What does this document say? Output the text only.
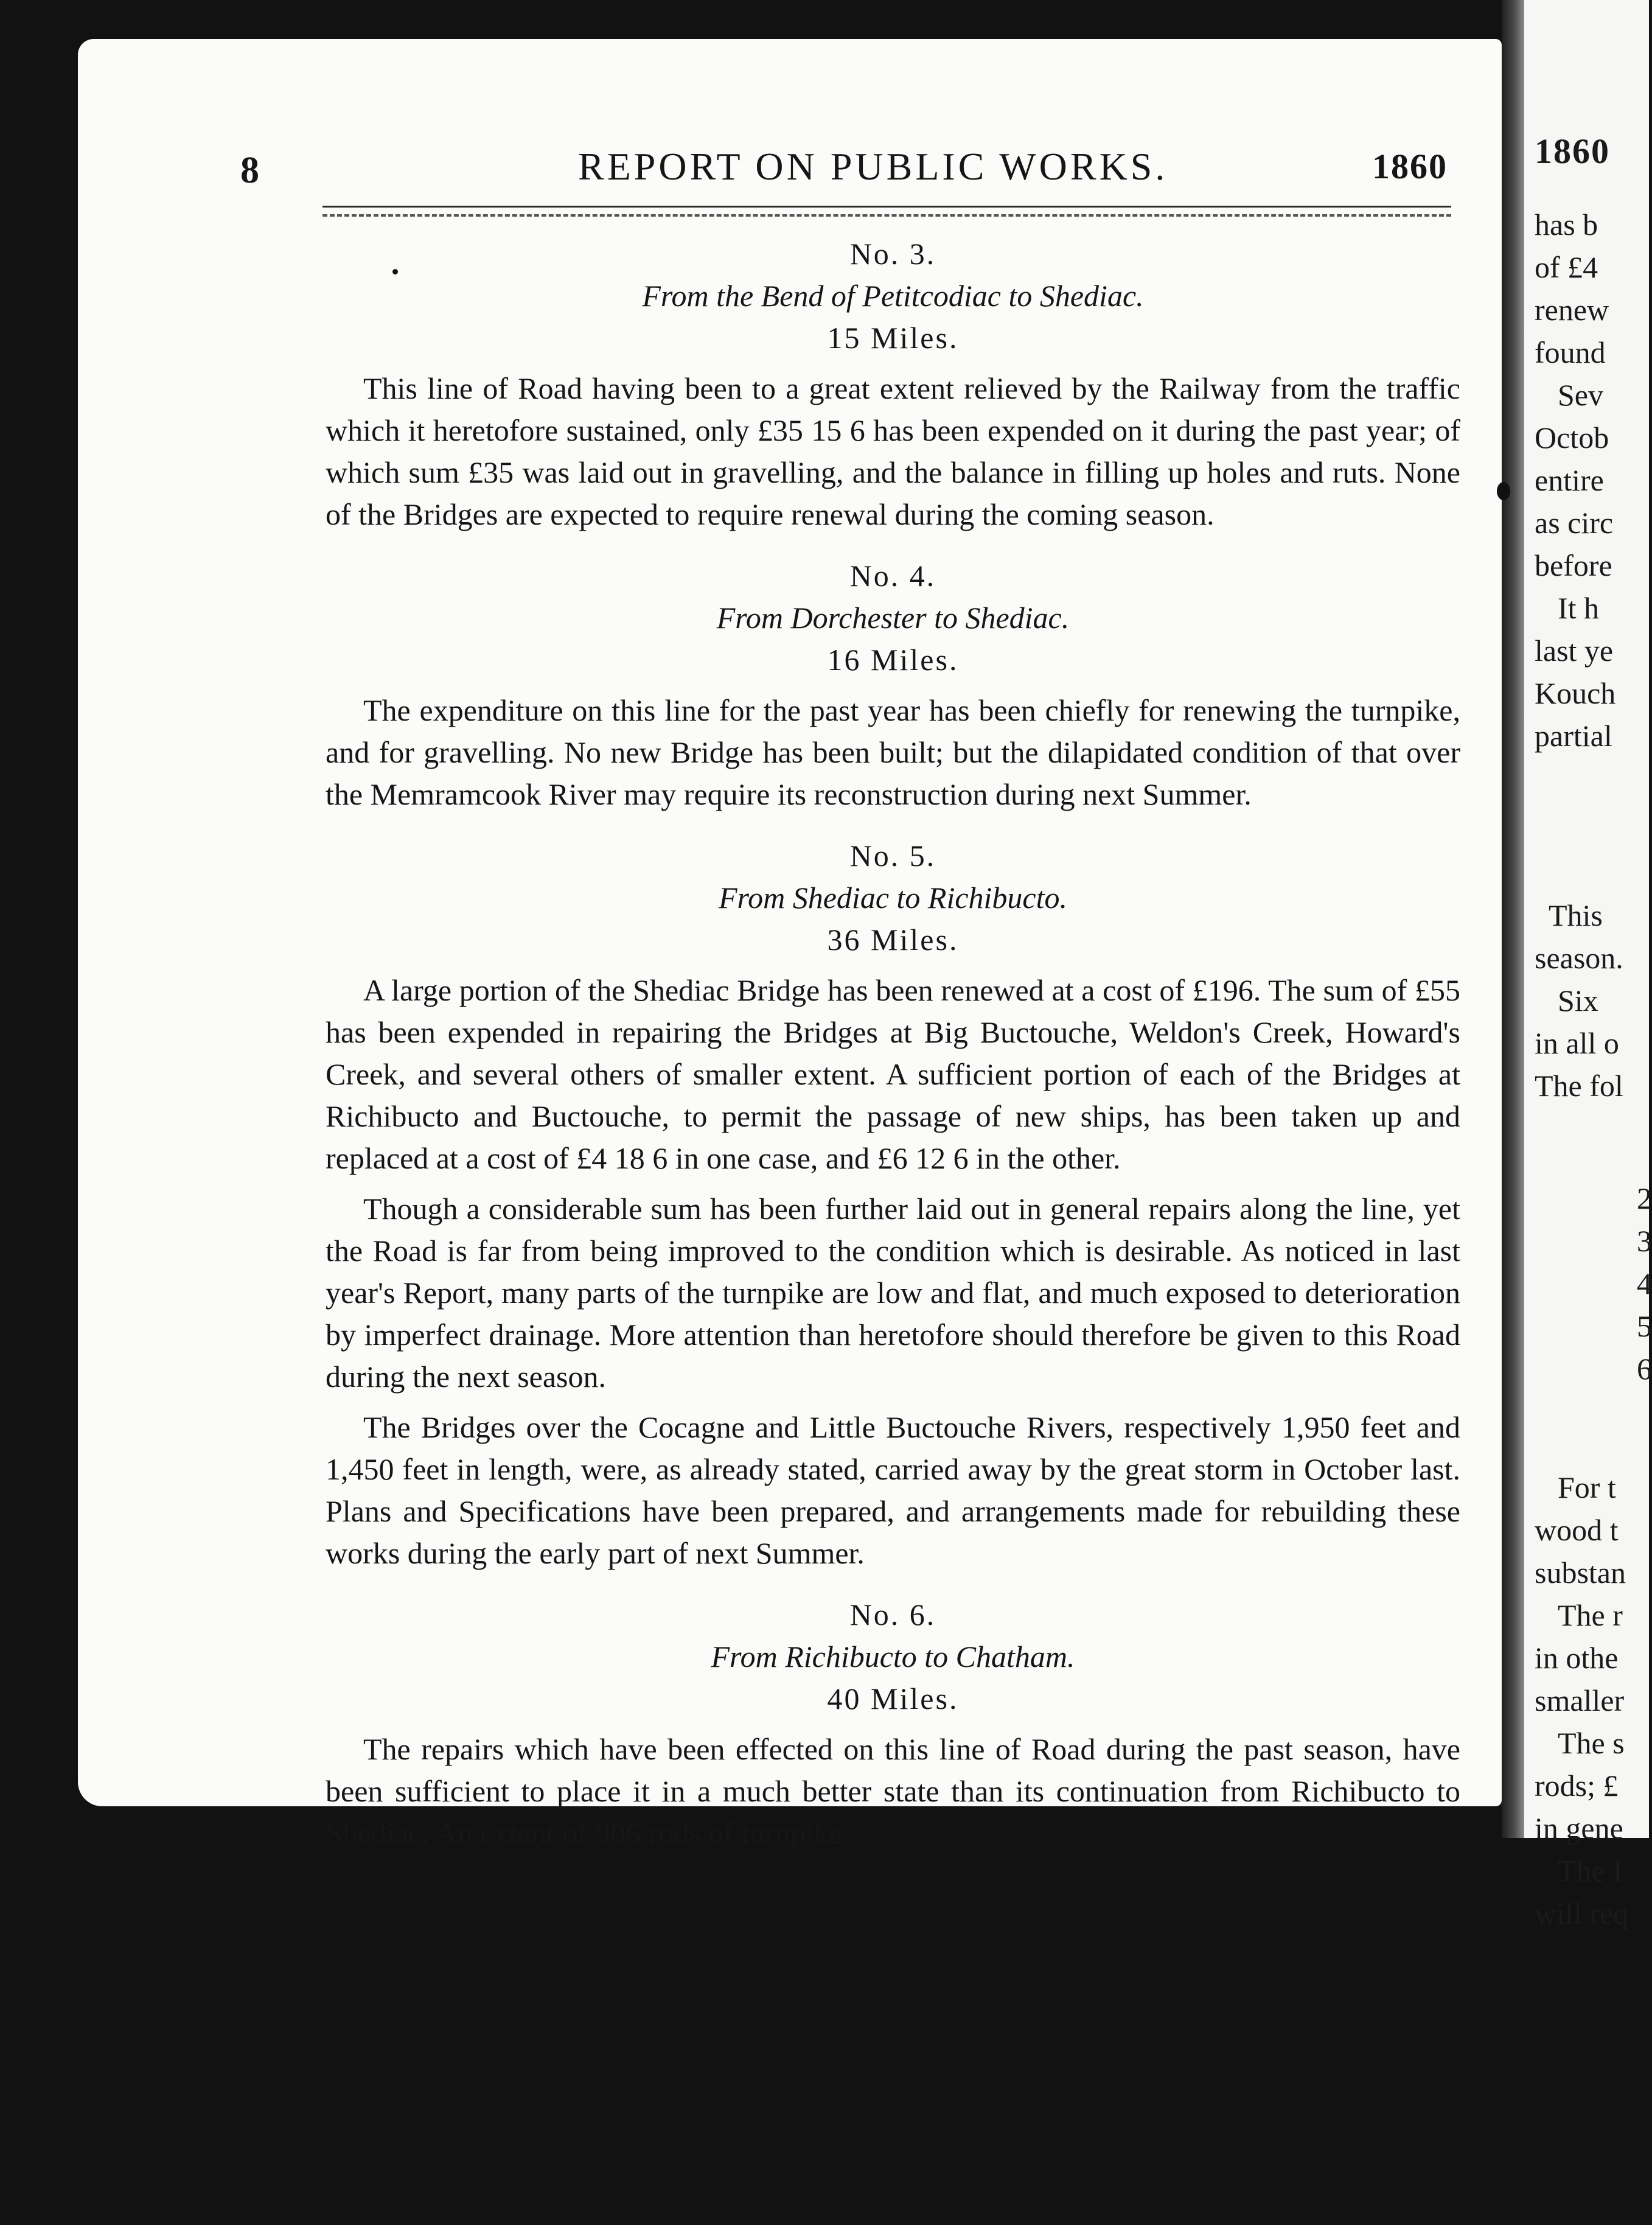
8	REPORT ON PUBLIC WORKS.	1860
No. 3.
From the Bend of Petitcodiac to Shediac.
15 Miles.

This line of Road having been to a great extent relieved by the Railway from the traffic which it heretofore sustained, only £35 15 6 has been expended on it during the past year; of which sum £35 was laid out in gravelling, and the balance in filling up holes and ruts. None of the Bridges are expected to require renewal during the coming season.

No. 4.
From Dorchester to Shediac.
16 Miles.

The expenditure on this line for the past year has been chiefly for renewing the turnpike, and for gravelling. No new Bridge has been built; but the dilapidated condition of that over the Memramcook River may require its reconstruction during next Summer.

No. 5.
From Shediac to Richibucto.
36 Miles.

A large portion of the Shediac Bridge has been renewed at a cost of £196. The sum of £55 has been expended in repairing the Bridges at Big Buctouche, Weldon's Creek, Howard's Creek, and several others of smaller extent. A sufficient portion of each of the Bridges at Richibucto and Buctouche, to permit the passage of new ships, has been taken up and replaced at a cost of £4 18 6 in one case, and £6 12 6 in the other.

Though a considerable sum has been further laid out in general repairs along the line, yet the Road is far from being improved to the condition which is desirable. As noticed in last year's Report, many parts of the turnpike are low and flat, and much exposed to deterioration by imperfect drainage. More attention than heretofore should therefore be given to this Road during the next season.

The Bridges over the Cocagne and Little Buctouche Rivers, respectively 1,950 feet and 1,450 feet in length, were, as already stated, carried away by the great storm in October last. Plans and Specifications have been prepared, and arrangements made for rebuilding these works during the early part of next Summer.

No. 6.
From Richibucto to Chatham.
40 Miles.

The repairs which have been effected on this line of Road during the past season, have been sufficient to place it in a much better state than its continuation from Richibucto to Shediac. An extent of 906 rods of turnpike

1860
has b
of £4
renew
found
Sev
Octob
entire
as circ
before
It h
last ye
Kouch
partial
This
season.
Six
in all o
The fol
2
3
4
5
6
For t
wood t
substan
The r
in othe
smaller
The s
rods; £
in gene
The I
will req
